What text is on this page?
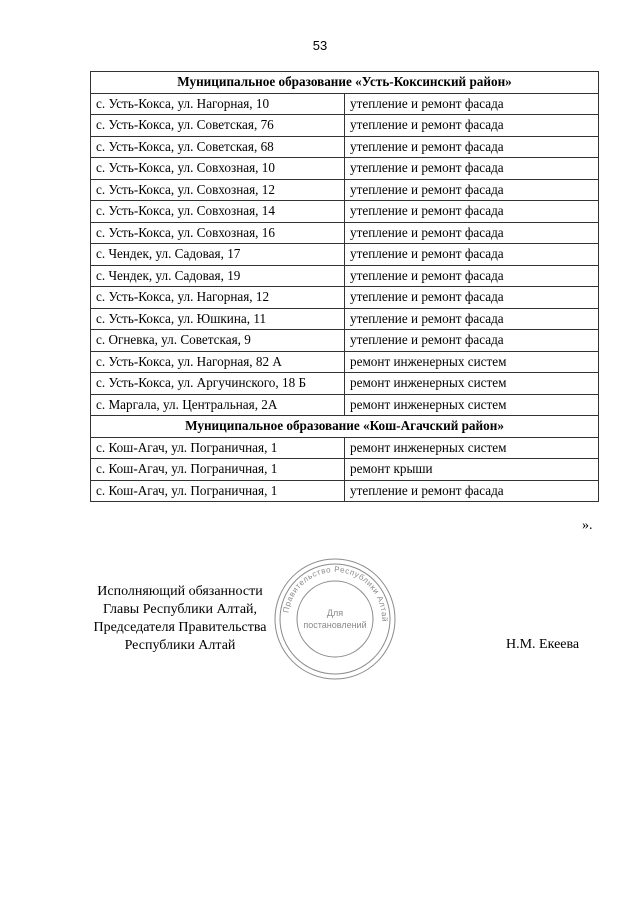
53
Муниципальное образование «Усть-Коксинский район»	
с. Усть-Кокса, ул. Нагорная, 10	утепление и ремонт фасада
с. Усть-Кокса, ул. Советская, 76	утепление и ремонт фасада
с. Усть-Кокса, ул. Советская, 68	утепление и ремонт фасада
с. Усть-Кокса, ул. Совхозная, 10	утепление и ремонт фасада
с. Усть-Кокса, ул. Совхозная, 12	утепление и ремонт фасада
с. Усть-Кокса, ул. Совхозная, 14	утепление и ремонт фасада
с. Усть-Кокса, ул. Совхозная, 16	утепление и ремонт фасада
с. Чендек, ул. Садовая, 17	утепление и ремонт фасада
с. Чендек, ул. Садовая, 19	утепление и ремонт фасада
с. Усть-Кокса, ул. Нагорная, 12	утепление и ремонт фасада
с. Усть-Кокса, ул. Юшкина, 11	утепление и ремонт фасада
с. Огневка, ул. Советская, 9	утепление и ремонт фасада
с. Усть-Кокса, ул. Нагорная, 82 А	ремонт инженерных систем
с. Усть-Кокса, ул. Аргучинского, 18 Б	ремонт инженерных систем
с. Маргала, ул. Центральная, 2А	ремонт инженерных систем
Муниципальное образование «Кош-Агачский район»	
с. Кош-Агач, ул. Пограничная, 1	ремонт инженерных систем
с. Кош-Агач, ул. Пограничная, 1	ремонт крыши
с. Кош-Агач, ул. Пограничная, 1	утепление и ремонт фасада
».
Исполняющий обязанности
Главы Республики Алтай,
Председателя Правительства
Республики Алтай	Н.М. Екеева
Правительство Республики Алтай
Для
постановлений
